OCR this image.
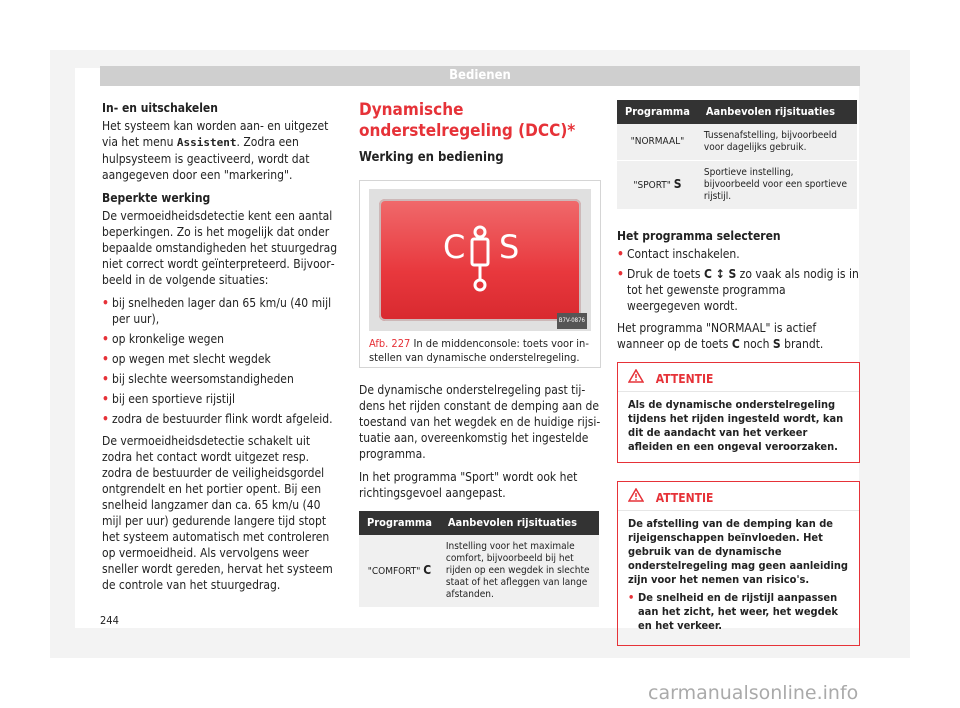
Bedienen

In- en uitschakelen

Het systeem kan worden aan- en uitgezet via het menu Assistent. Zodra een hulpsysteem is geactiveerd, wordt dat aangegeven door een "markering".

Beperkte werking

De vermoeidheidsdetectie kent een aantal beperkingen. Zo is het mogelijk dat onder bepaalde omstandigheden het stuurgedrag niet correct wordt geïnterpreteerd. Bijvoorbeeld in de volgende situaties:

• bij snelheden lager dan 65 km/u (40 mijl per uur),
• op kronkelige wegen
• op wegen met slecht wegdek
• bij slechte weersomstandigheden
• bij een sportieve rijstijl
• zodra de bestuurder flink wordt afgeleid.

De vermoeidheidsdetectie schakelt uit zodra het contact wordt uitgezet resp. zodra de bestuurder de veiligheidsgordel ontgrendelt en het portier opent. Bij een snelheid langzamer dan ca. 65 km/u (40 mijl per uur) gedurende langere tijd stopt het systeem automatisch met controleren op vermoeidheid. Als vervolgens weer sneller wordt gereden, hervat het systeem de controle van het stuurgedrag.

Dynamische onderstelregeling (DCC)*
Werking en bediening
C S
B7V-0876
Afb. 227 In de middenconsole: toets voor instellen van dynamische onderstelregeling.

De dynamische onderstelregeling past tijdens het rijden constant de demping aan de toestand van het wegdek en de huidige rijsituatie aan, overeenkomstig het ingestelde programma.

In het programma "Sport" wordt ook het richtingsgevoel aangepast.

Programma	Aanbevolen rijsituaties
"COMFORT" C	Instelling voor het maximale comfort, bijvoorbeeld bij het rijden op een wegdek in slechte staat of het afleggen van lange afstanden.
Programma	Aanbevolen rijsituaties
"NORMAAL"	Tussenafstelling, bijvoorbeeld voor dagelijks gebruik.
"SPORT" S	Sportieve instelling, bijvoorbeeld voor een sportieve rijstijl.

Het programma selecteren

• Contact inschakelen.
• Druk de toets C ↕ S zo vaak als nodig is in tot het gewenste programma weergegeven wordt.

Het programma "NORMAAL" is actief wanneer op de toets C noch S brandt.

ATTENTIE
Als de dynamische onderstelregeling tijdens het rijden ingesteld wordt, kan dit de aandacht van het verkeer afleiden en een ongeval veroorzaken.
ATTENTIE
De afstelling van de demping kan de rijeigenschappen beïnvloeden. Het gebruik van de dynamische onderstelregeling mag geen aanleiding zijn voor het nemen van risico's.
• De snelheid en de rijstijl aanpassen aan het zicht, het weer, het wegdek en het verkeer.
244
carmanualsonline.info
